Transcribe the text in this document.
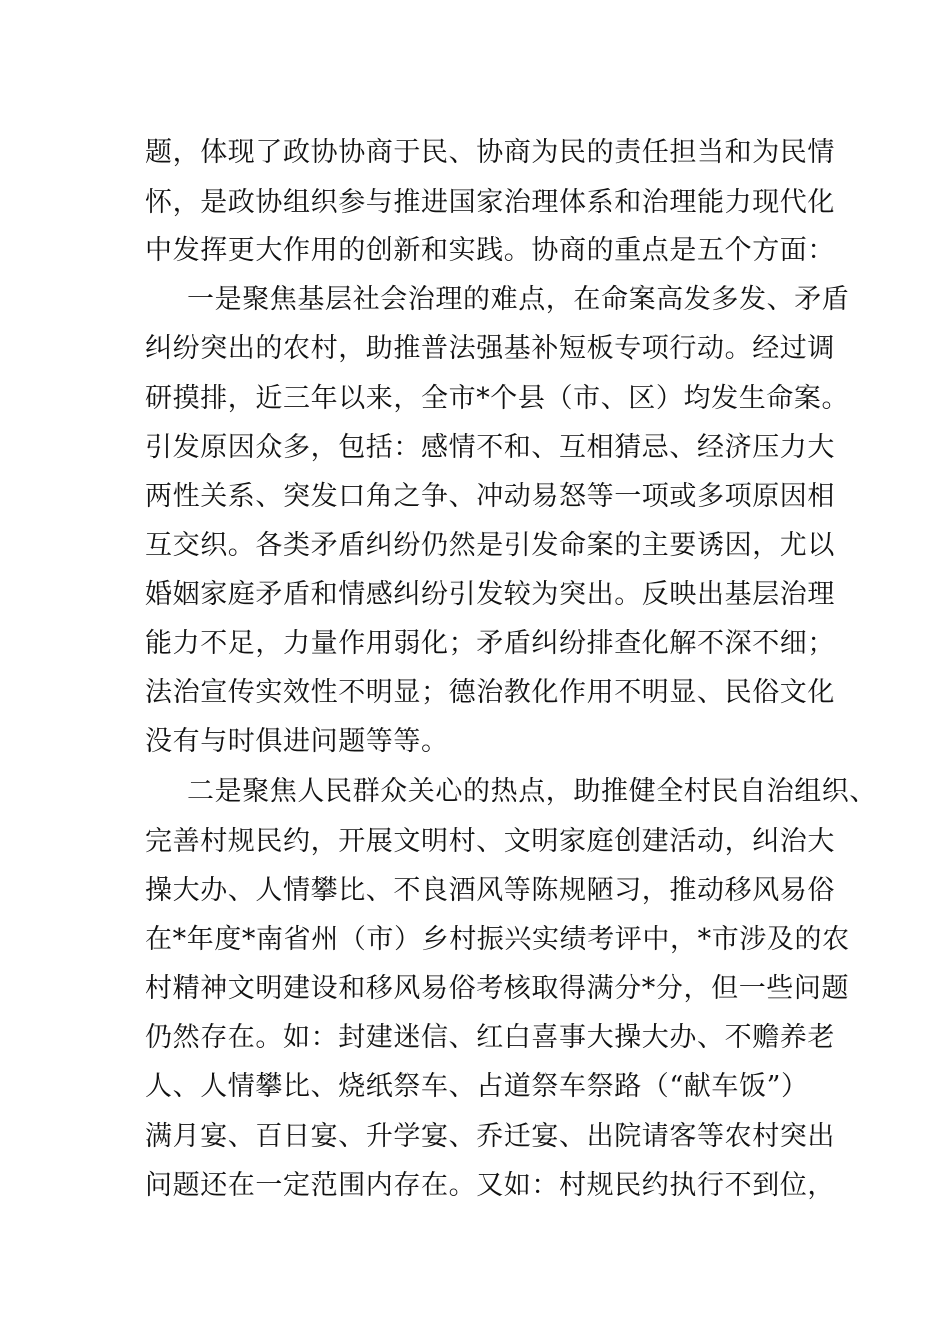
题，体现了政协协商于民、协商为民的责任担当和为民情
怀，是政协组织参与推进国家治理体系和治理能力现代化
中发挥更大作用的创新和实践。协商的重点是五个方面：
一是聚焦基层社会治理的难点，在命案高发多发、矛盾
纠纷突出的农村，助推普法强基补短板专项行动。经过调
研摸排，近三年以来，全市*个县（市、区）均发生命案。
引发原因众多，包括：感情不和、互相猜忌、经济压力大
两性关系、突发口角之争、冲动易怒等一项或多项原因相
互交织。各类矛盾纠纷仍然是引发命案的主要诱因，尤以
婚姻家庭矛盾和情感纠纷引发较为突出。反映出基层治理
能力不足，力量作用弱化；矛盾纠纷排查化解不深不细；
法治宣传实效性不明显；德治教化作用不明显、民俗文化
没有与时俱进问题等等。
二是聚焦人民群众关心的热点，助推健全村民自治组织、
完善村规民约，开展文明村、文明家庭创建活动，纠治大
操大办、人情攀比、不良酒风等陈规陋习，推动移风易俗
在*年度*南省州（市）乡村振兴实绩考评中，*市涉及的农
村精神文明建设和移风易俗考核取得满分*分，但一些问题
仍然存在。如：封建迷信、红白喜事大操大办、不赡养老
人、人情攀比、烧纸祭车、占道祭车祭路（“献车饭”）
满月宴、百日宴、升学宴、乔迁宴、出院请客等农村突出
问题还在一定范围内存在。又如：村规民约执行不到位，
